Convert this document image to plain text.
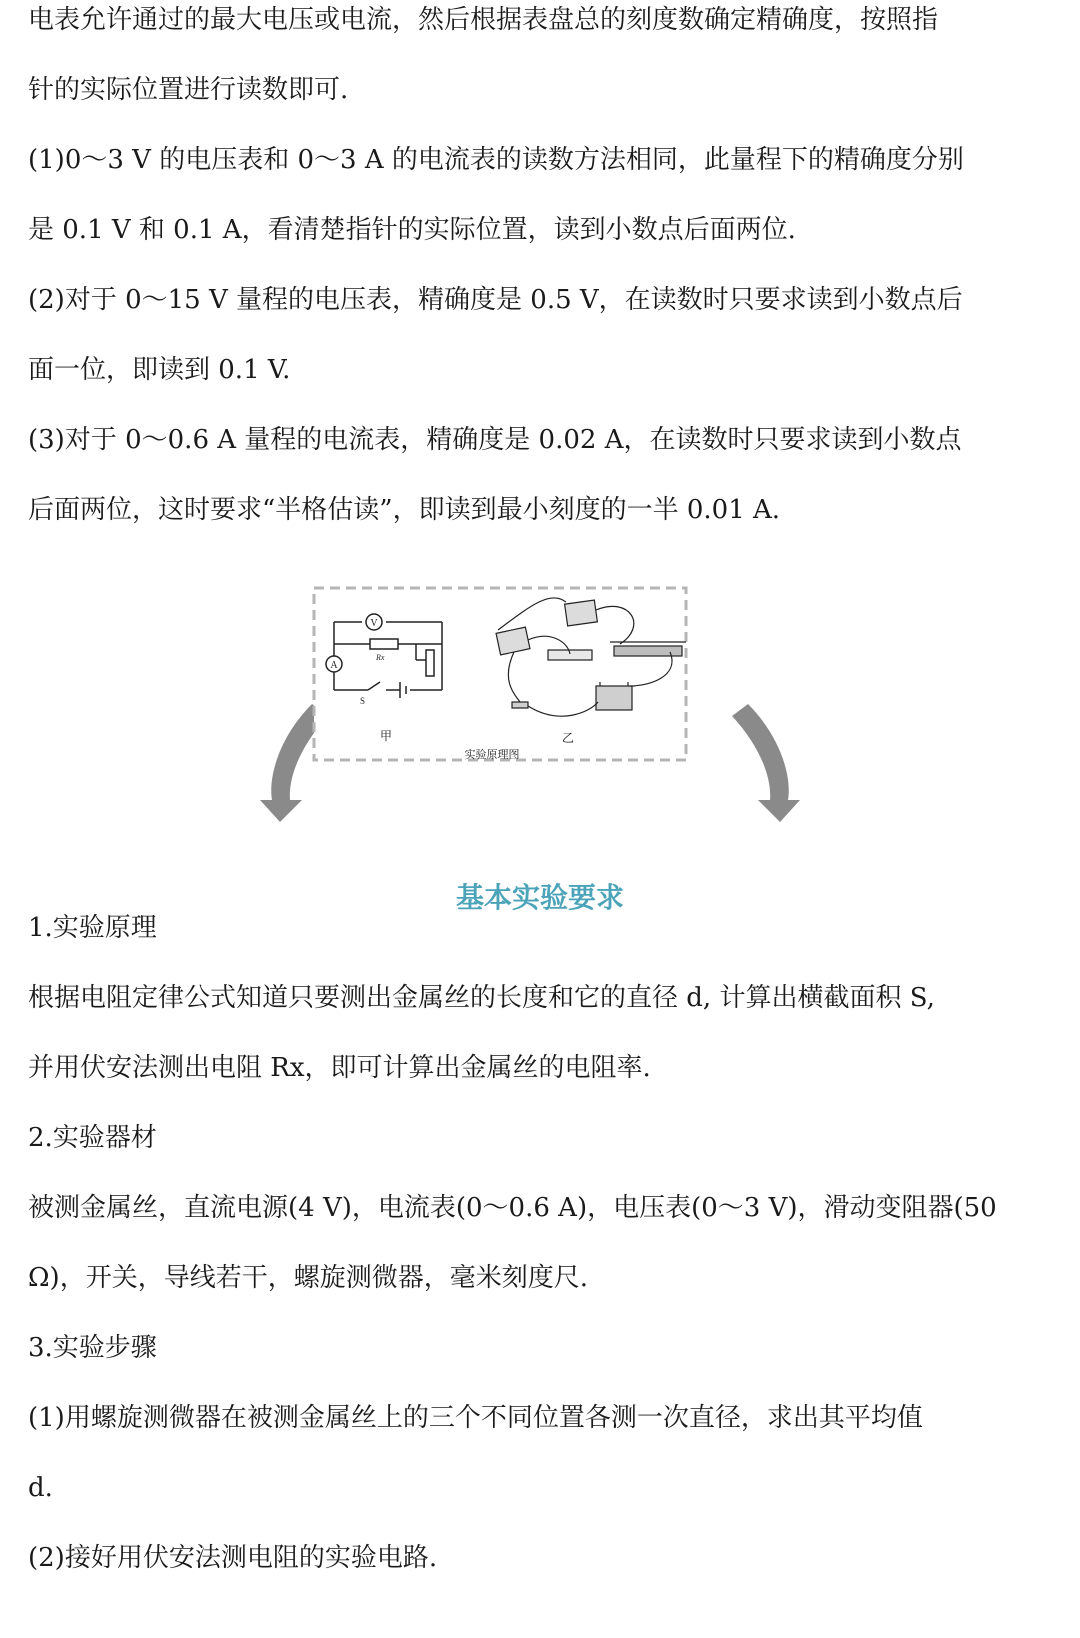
电表允许通过的最大电压或电流，然后根据表盘总的刻度数确定精确度，按照指
针的实际位置进行读数即可.
(1)0～3 V 的电压表和 0～3 A 的电流表的读数方法相同，此量程下的精确度分别
是 0.1 V 和 0.1 A，看清楚指针的实际位置，读到小数点后面两位.
(2)对于 0～15 V 量程的电压表，精确度是 0.5 V，在读数时只要求读到小数点后
面一位，即读到 0.1 V.
(3)对于 0～0.6 A 量程的电流表，精确度是 0.02 A，在读数时只要求读到小数点
后面两位，这时要求“半格估读”，即读到最小刻度的一半 0.01 A.
V
A
Rx
S
甲	乙
实验原理图
基本实验要求
1.实验原理
根据电阻定律公式知道只要测出金属丝的长度和它的直径 d, 计算出横截面积 S,
并用伏安法测出电阻 Rx，即可计算出金属丝的电阻率.
2.实验器材
被测金属丝，直流电源(4 V)，电流表(0～0.6 A)，电压表(0～3 V)，滑动变阻器(50
Ω)，开关，导线若干，螺旋测微器，毫米刻度尺.
3.实验步骤
(1)用螺旋测微器在被测金属丝上的三个不同位置各测一次直径，求出其平均值
d.
(2)接好用伏安法测电阻的实验电路.
